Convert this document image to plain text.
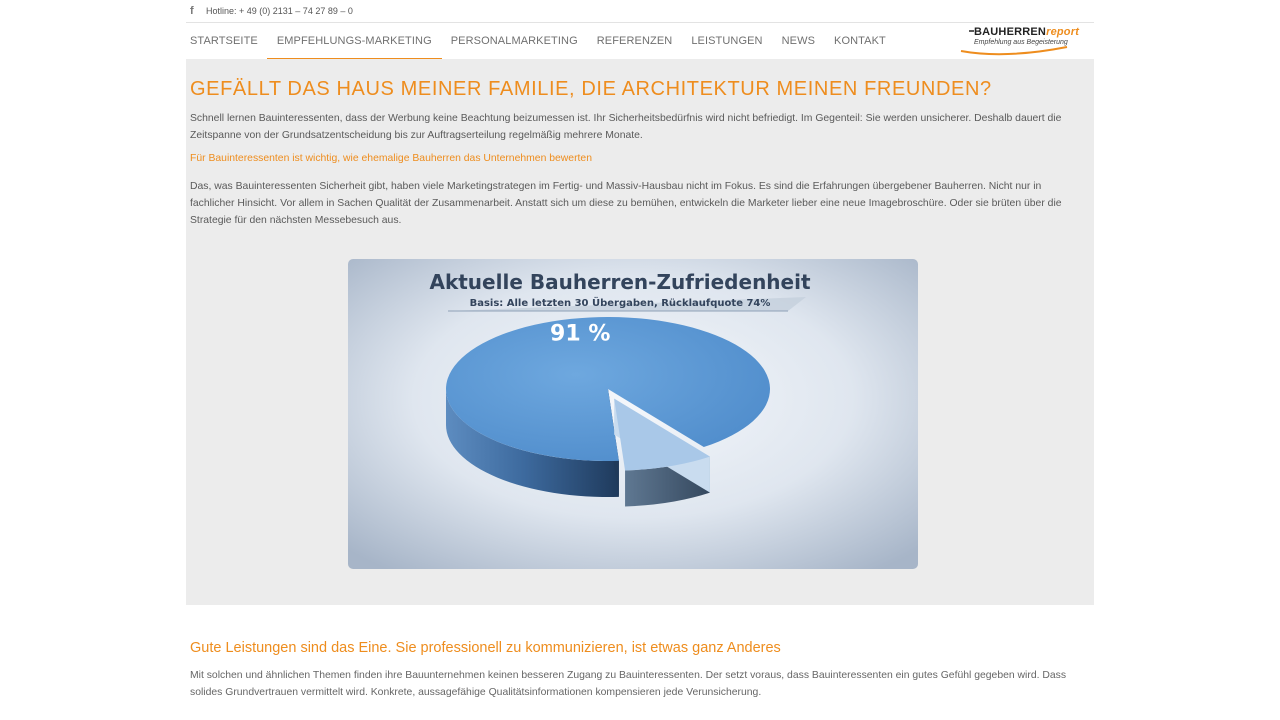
f	Hotline: + 49 (0) 2131 – 74 27 89 – 0
STARTSEITE EMPFEHLUNGS-MARKETING PERSONALMARKETING REFERENZEN LEISTUNGEN NEWS KONTAKT
BAUHERRENreport
Empfehlung aus Begeisterung
GEFÄLLT DAS HAUS MEINER FAMILIE, DIE ARCHITEKTUR MEINEN FREUNDEN?

Schnell lernen Bauinteressenten, dass der Werbung keine Beachtung beizumessen ist. Ihr Sicherheitsbedürfnis wird nicht befriedigt. Im Gegenteil: Sie werden unsicherer. Deshalb dauert die Zeitspanne von der Grundsatzentscheidung bis zur Auftragserteilung regelmäßig mehrere Monate.

Für Bauinteressenten ist wichtig, wie ehemalige Bauherren das Unternehmen bewerten

Das, was Bauinteressenten Sicherheit gibt, haben viele Marketingstrategen im Fertig- und Massiv-Hausbau nicht im Fokus. Es sind die Erfahrungen übergebener Bauherren. Nicht nur in fachlicher Hinsicht. Vor allem in Sachen Qualität der Zusammenarbeit. Anstatt sich um diese zu bemühen, entwickeln die Marketer lieber eine neue Imagebroschüre. Oder sie brüten über die Strategie für den nächsten Messebesuch aus.

Aktuelle Bauherren-Zufriedenheit
Basis: Alle letzten 30 Übergaben, Rücklaufquote 74%
91 %
Gute Leistungen sind das Eine. Sie professionell zu kommunizieren, ist etwas ganz Anderes

Mit solchen und ähnlichen Themen finden ihre Bauunternehmen keinen besseren Zugang zu Bauinteressenten. Der setzt voraus, dass Bauinteressenten ein gutes Gefühl gegeben wird. Dass solides Grundvertrauen vermittelt wird. Konkrete, aussagefähige Qualitätsinformationen kompensieren jede Verunsicherung.
